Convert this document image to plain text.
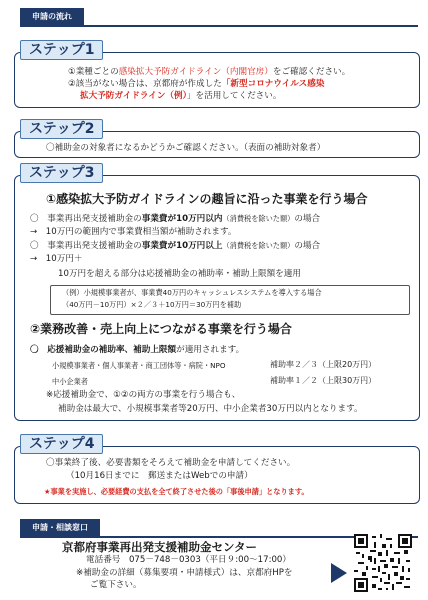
申請の流れ
ステップ1
①業種ごとの感染拡大予防ガイドライン（内閣官房）をご確認ください。
②該当がない場合は、京都府が作成した「新型コロナウイルス感染
拡大予防ガイドライン（例）」を活用してください。
ステップ2
〇補助金の対象者になるかどうかご確認ください。（表面の補助対象者）
ステップ3
①感染拡大予防ガイドラインの趣旨に沿った事業を行う場合
〇　事業再出発支援補助金の事業費が10万円以内（消費税を除いた額）の場合
→　10万円の範囲内で事業費相当額が補助されます。
〇　事業再出発支援補助金の事業費が10万円以上（消費税を除いた額）の場合
→　10万円＋
10万円を超える部分は応援補助金の補助率・補助上限額を適用
（例）小規模事業者が、事業費40万円のキャッシュレスシステムを導入する場合
（40万円－10万円）×２／３＋10万円＝30万円を補助
②業務改善・売上向上につながる事業を行う場合
〇　応援補助金の補助率、補助上限額が適用されます。
小規模事業者・個人事業者・商工団体等・病院・NPO	補助率２／３（上限20万円）
中小企業者	補助率１／２（上限30万円）
※応援補助金で、①②の両方の事業を行う場合も、
補助金は最大で、小規模事業者等20万円、中小企業者30万円以内となります。
ステップ4
〇事業終了後、必要書類をそろえて補助金を申請してください。
（10月16日までに　郵送またはWebでの申請）
★事業を実施し、必要経費の支払を全て終了させた後の「事後申請」となります。
申請・相談窓口
京都府事業再出発支援補助金センター
電話番号　075－748－0303（平日９:00～17:00）
※補助金の詳細（募集要項・申請様式）は、京都府HPを
ご覧下さい。
